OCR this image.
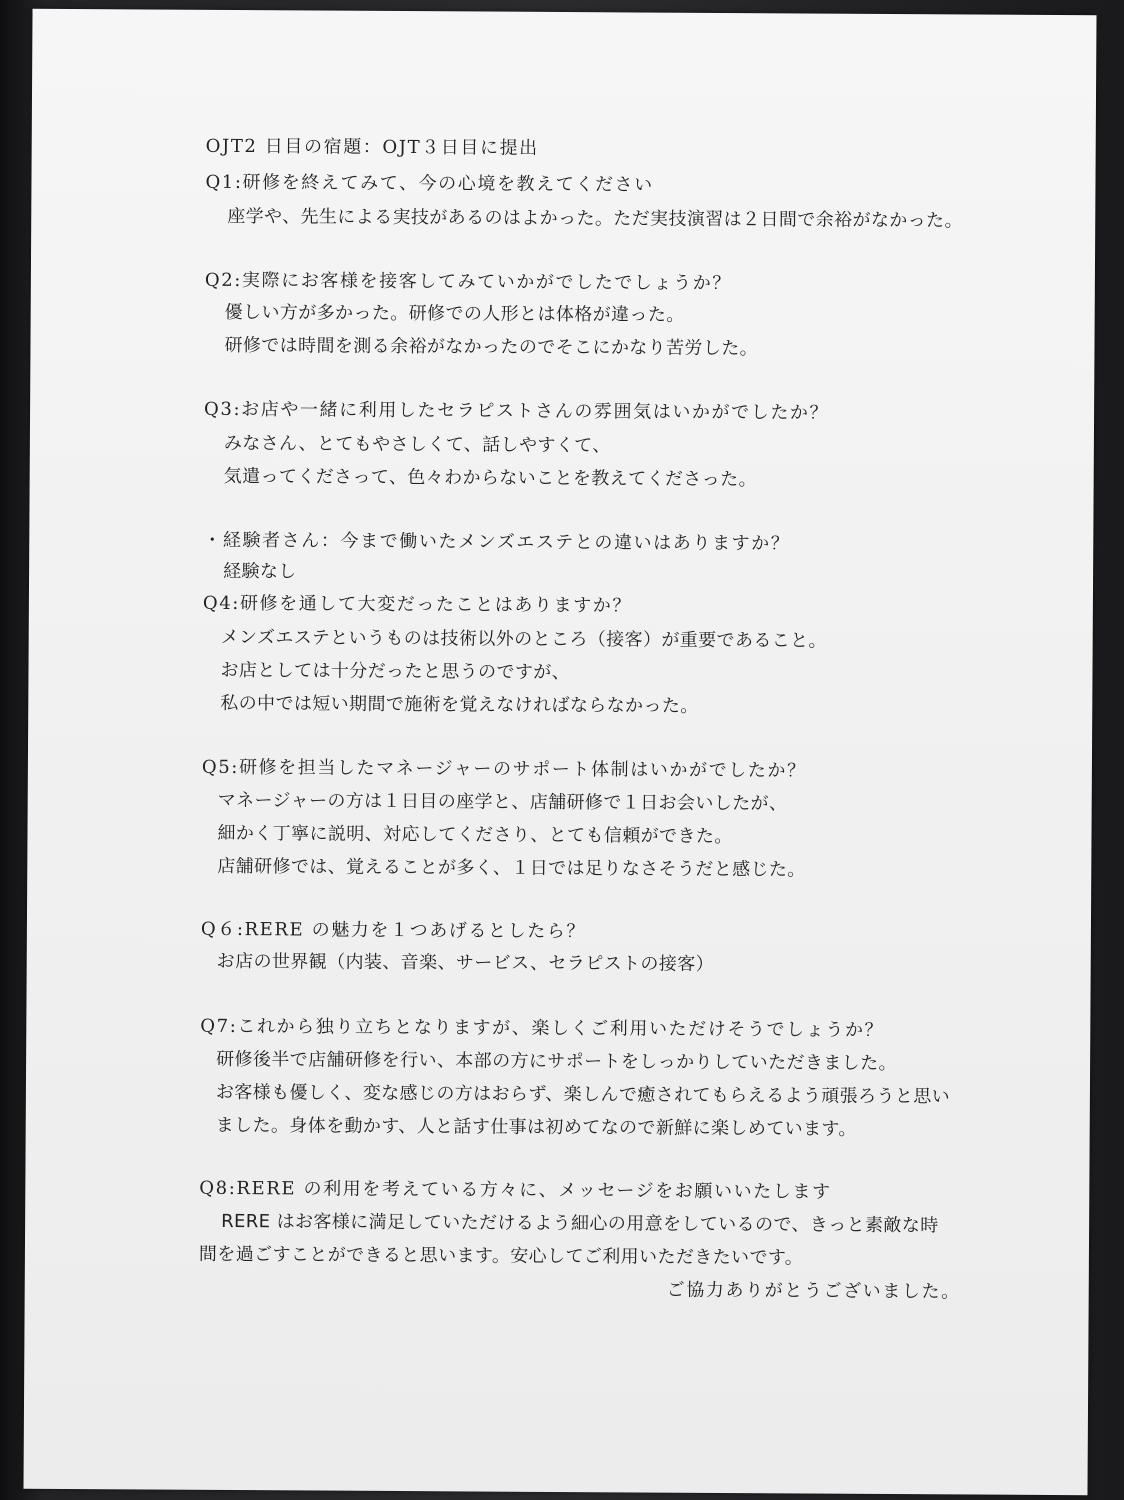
OJT2 日目の宿題：OJT３日目に提出
Q1:研修を終えてみて、今の心境を教えてください
座学や、先生による実技があるのはよかった。ただ実技演習は２日間で余裕がなかった。
Q2:実際にお客様を接客してみていかがでしたでしょうか？
優しい方が多かった。研修での人形とは体格が違った。
研修では時間を測る余裕がなかったのでそこにかなり苦労した。
Q3:お店や一緒に利用したセラピストさんの雰囲気はいかがでしたか？
みなさん、とてもやさしくて、話しやすくて、
気遣ってくださって、色々わからないことを教えてくださった。
・経験者さん：今まで働いたメンズエステとの違いはありますか？
経験なし
Q4:研修を通して大変だったことはありますか？
メンズエステというものは技術以外のところ（接客）が重要であること。
お店としては十分だったと思うのですが、
私の中では短い期間で施術を覚えなければならなかった。
Q5:研修を担当したマネージャーのサポート体制はいかがでしたか？
マネージャーの方は１日目の座学と、店舗研修で１日お会いしたが、
細かく丁寧に説明、対応してくださり、とても信頼ができた。
店舗研修では、覚えることが多く、１日では足りなさそうだと感じた。
Q６:RERE の魅力を１つあげるとしたら？
お店の世界観（内装、音楽、サービス、セラピストの接客）
Q7:これから独り立ちとなりますが、楽しくご利用いただけそうでしょうか？
研修後半で店舗研修を行い、本部の方にサポートをしっかりしていただきました。
お客様も優しく、変な感じの方はおらず、楽しんで癒されてもらえるよう頑張ろうと思い
ました。身体を動かす、人と話す仕事は初めてなので新鮮に楽しめています。
Q8:RERE の利用を考えている方々に、メッセージをお願いいたします
RERE はお客様に満足していただけるよう細心の用意をしているので、きっと素敵な時
間を過ごすことができると思います。安心してご利用いただきたいです。
ご協力ありがとうございました。
